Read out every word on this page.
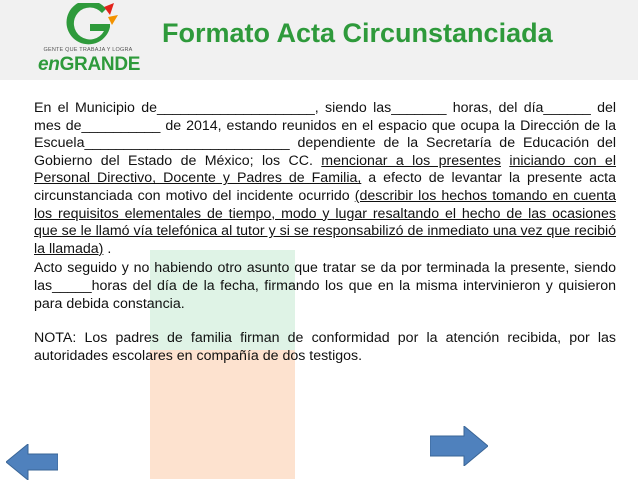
GENTE QUE TRABAJA Y LOGRA
enGRANDE
Formato Acta Circunstanciada

En el Municipio de____________________, siendo las_______ horas, del día______ del mes de__________ de 2014, estando reunidos en el espacio que ocupa la Dirección de la Escuela__________________________ dependiente de la Secretaría de Educación del Gobierno del Estado de México; los CC. mencionar a los presentes iniciando con el Personal Directivo, Docente y Padres de Familia, a efecto de levantar la presente acta circunstanciada con motivo del incidente ocurrido (describir los hechos tomando en cuenta los requisitos elementales de tiempo, modo y lugar resaltando el hecho de las ocasiones que se le llamó vía telefónica al tutor y si se responsabilizó de inmediato una vez que recibió la llamada) .

Acto seguido y no habiendo otro asunto que tratar se da por terminada la presente, siendo las_____horas del día de la fecha, firmando los que en la misma intervinieron y quisieron para debida constancia.

NOTA: Los padres de familia firman de conformidad por la atención recibida, por las autoridades escolares en compañía de dos testigos.
